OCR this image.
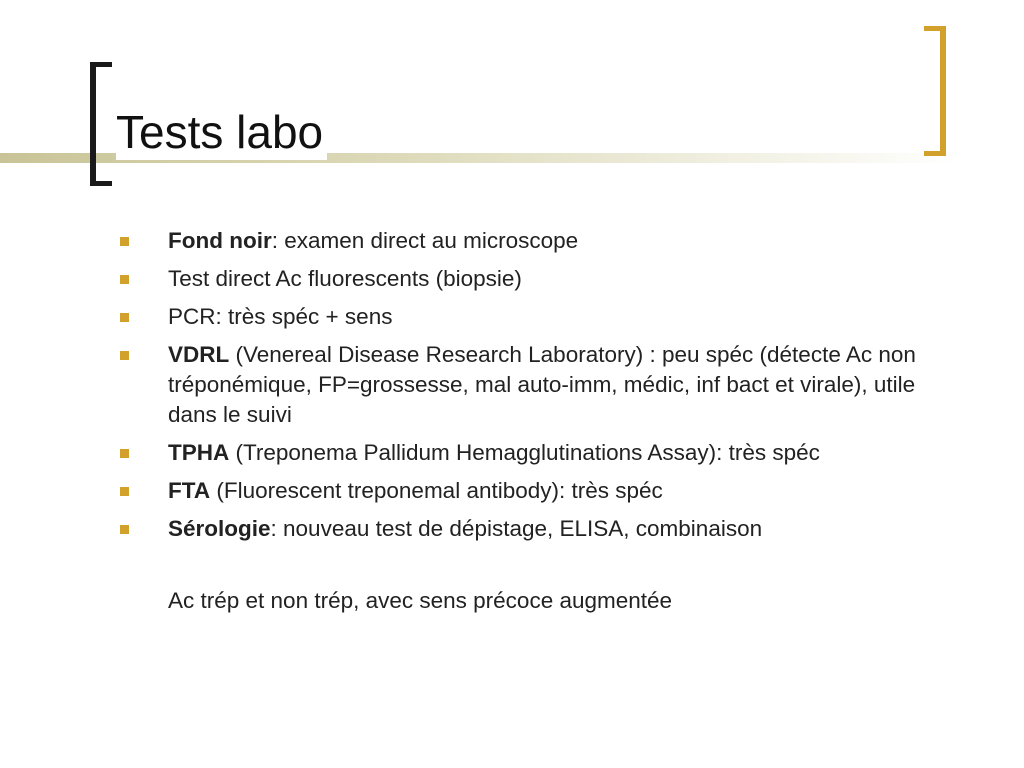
Tests labo
Fond noir: examen direct au microscope
Test direct Ac fluorescents (biopsie)
PCR: très spéc + sens
VDRL (Venereal Disease Research Laboratory) : peu spéc (détecte Ac non tréponémique, FP=grossesse, mal auto-imm, médic, inf bact et virale), utile dans le suivi
TPHA (Treponema Pallidum Hemagglutinations Assay): très spéc
FTA (Fluorescent treponemal antibody): très spéc
Sérologie: nouveau test de dépistage, ELISA, combinaison

Ac trép et non trép, avec sens précoce augmentée
